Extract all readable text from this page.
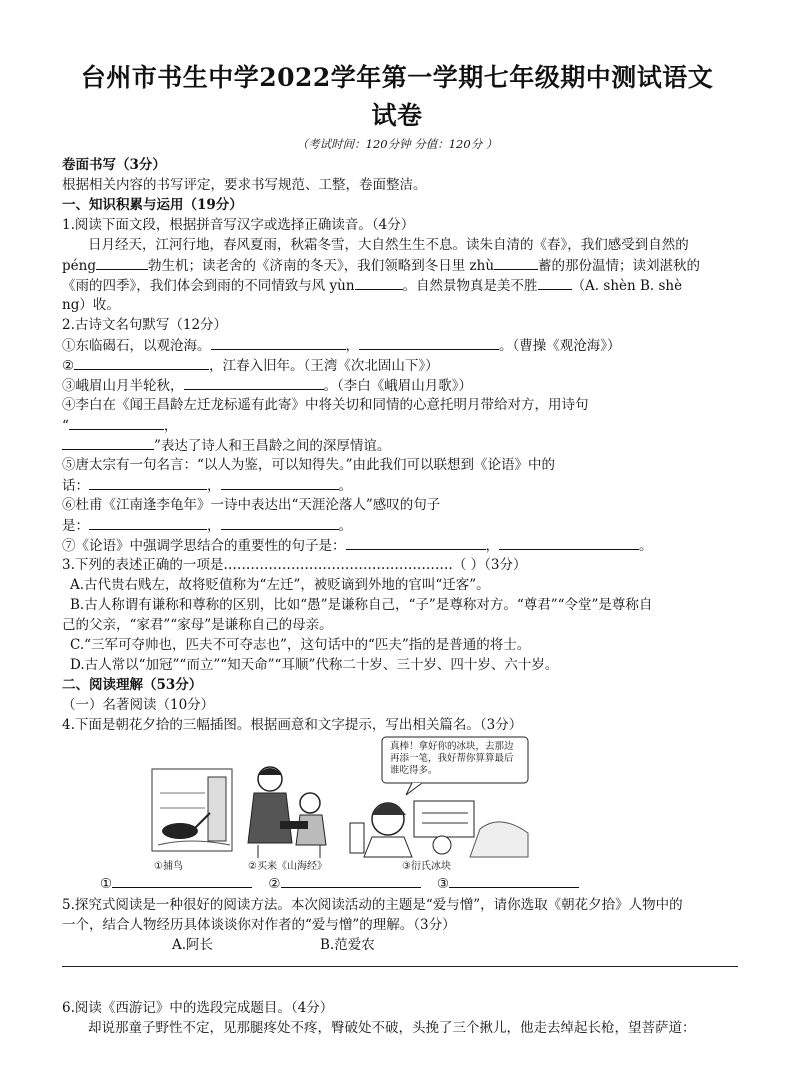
台州市书生中学2022学年第一学期七年级期中测试语文
试卷
（考试时间：120分钟 分值：120分 ）
卷面书写（3分）
根据相关内容的书写评定，要求书写规范、工整，卷面整洁。
一、知识积累与运用（19分）
1.阅读下面文段，根据拼音写汉字或选择正确读音。（4分）
日月经天，江河行地，春风夏雨，秋霜冬雪，大自然生生不息。读朱自清的《春》，我们感受到自然的
péng	勃生机；读老舍的《济南的冬天》，我们领略到冬日里 zhù	蓄的那份温情；读刘湛秋的
《雨的四季》，我们体会到雨的不同情致与风 yùn	。自然景物真是美不胜	（A. shèn B. shè
ng）收。
2.古诗文名句默写（12分）
①东临碣石，以观沧海。	，	。（曹操《观沧海》）
②	，江春入旧年。（王湾《次北固山下》）
③峨眉山月半轮秋，	。（李白《峨眉山月歌》）
④李白在《闻王昌龄左迁龙标遥有此寄》中将关切和同情的心意托明月带给对方，用诗句
“	，
”表达了诗人和王昌龄之间的深厚情谊。
⑤唐太宗有一句名言：“以人为鉴，可以知得失。”由此我们可以联想到《论语》中的
话：	，	。
⑥杜甫《江南逢李龟年》一诗中表达出“天涯沦落人”感叹的句子
是：	，	。
⑦《论语》中强调学思结合的重要性的句子是：	，	。
3.下列的表述正确的一项是……………………………………………（ ）（3分）
A.古代贵右贱左，故将贬值称为“左迁”，被贬谪到外地的官叫“迁客”。
B.古人称谓有谦称和尊称的区别，比如“愚”是谦称自己，“子”是尊称对方。“尊君”“令堂”是尊称自
己的父亲，“家君”“家母”是谦称自己的母亲。
C.“三军可夺帅也，匹夫不可夺志也”，这句话中的“匹夫”指的是普通的将士。
D.古人常以“加冠”“而立”“知天命”“耳顺”代称二十岁、三十岁、四十岁、六十岁。
二、阅读理解（53分）
（一）名著阅读（10分）
4.下面是朝花夕拾的三幅插图。根据画意和文字提示，写出相关篇名。（3分）
真棒！拿好你的冰块，去那边再添一笔，我好帮你算算最后谁吃得多。
①捕鸟	②买来《山海经》	③衍氏冰块
①	②	③
5.探究式阅读是一种很好的阅读方法。本次阅读活动的主题是“爱与憎”，请你选取《朝花夕拾》人物中的
一个，结合人物经历具体谈谈你对作者的“爱与憎”的理解。（3分）
A.阿长	B.范爱农
6.阅读《西游记》中的选段完成题目。（4分）
却说那童子野性不定，见那腿疼处不疼，臀破处不破，头挽了三个揪儿，他走去绰起长枪，望菩萨道：
